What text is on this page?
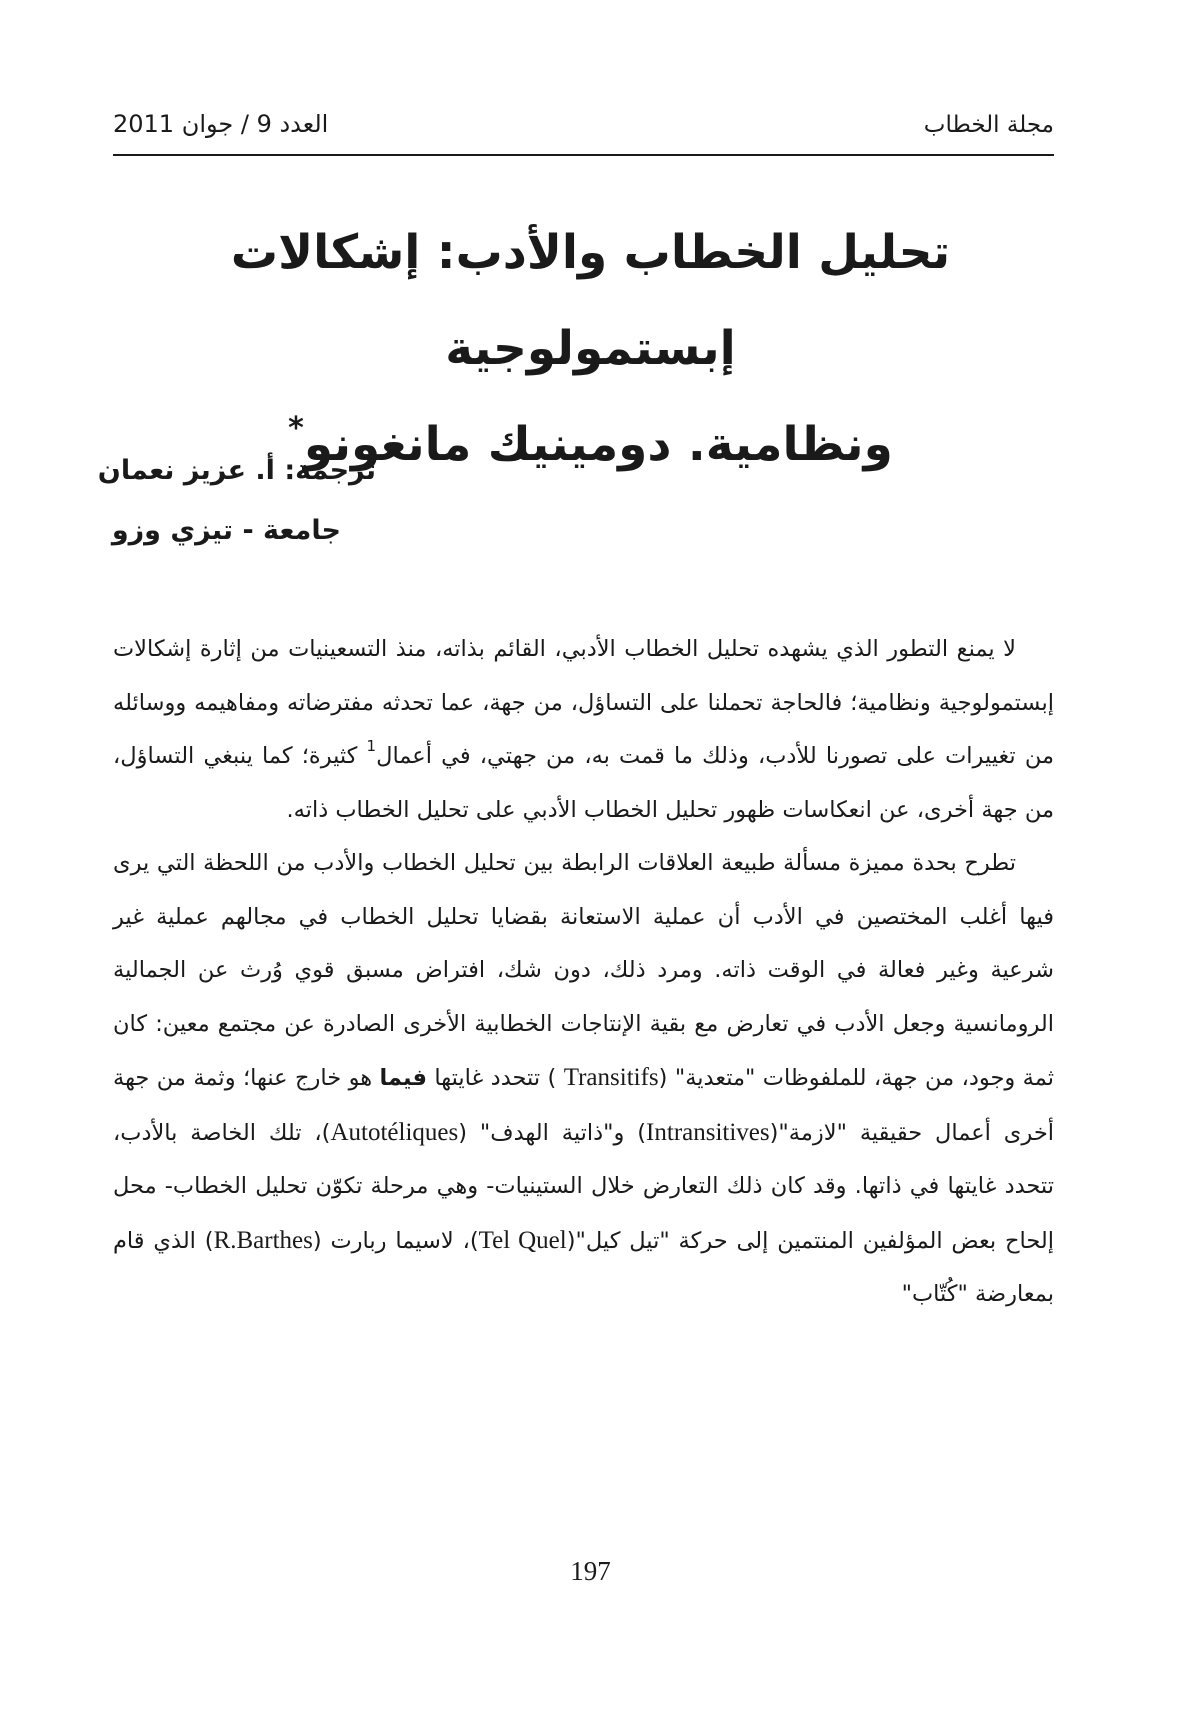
مجلة الخطاب
العدد 9 / جوان 2011
تحليل الخطاب والأدب: إشكالات إبستمولوجية
ونظامية. دومينيك مانغونو*
ترجمة: أ. عزيز نعمان
جامعة - تيزي وزو

لا يمنع التطور الذي يشهده تحليل الخطاب الأدبي، القائم بذاته، منذ التسعينيات من إثارة إشكالات إبستمولوجية ونظامية؛ فالحاجة تحملنا على التساؤل، من جهة، عما تحدثه مفترضاته ومفاهيمه ووسائله من تغييرات على تصورنا للأدب، وذلك ما قمت به، من جهتي، في أعمال$^1$ كثيرة؛ كما ينبغي التساؤل، من جهة أخرى، عن انعكاسات ظهور تحليل الخطاب الأدبي على تحليل الخطاب ذاته.

تطرح بحدة مميزة مسألة طبيعة العلاقات الرابطة بين تحليل الخطاب والأدب من اللحظة التي يرى فيها أغلب المختصين في الأدب أن عملية الاستعانة بقضايا تحليل الخطاب في مجالهم عملية غير شرعية وغير فعالة في الوقت ذاته. ومرد ذلك، دون شك، افتراض مسبق قوي وُرث عن الجمالية الرومانسية وجعل الأدب في تعارض مع بقية الإنتاجات الخطابية الأخرى الصادرة عن مجتمع معين: كان ثمة وجود، من جهة، للملفوظات "متعدية" (Transitifs ) تتحدد غايتها فيما هو خارج عنها؛ وثمة من جهة أخرى أعمال حقيقية "لازمة"(Intransitives) و"ذاتية الهدف" (Autotéliques)، تلك الخاصة بالأدب، تتحدد غايتها في ذاتها. وقد كان ذلك التعارض خلال الستينيات- وهي مرحلة تكوّن تحليل الخطاب- محل إلحاح بعض المؤلفين المنتمين إلى حركة "تيل كيل"(Tel Quel)، لاسيما ربارت (R.Barthes) الذي قام بمعارضة "كُتّاب"

197
